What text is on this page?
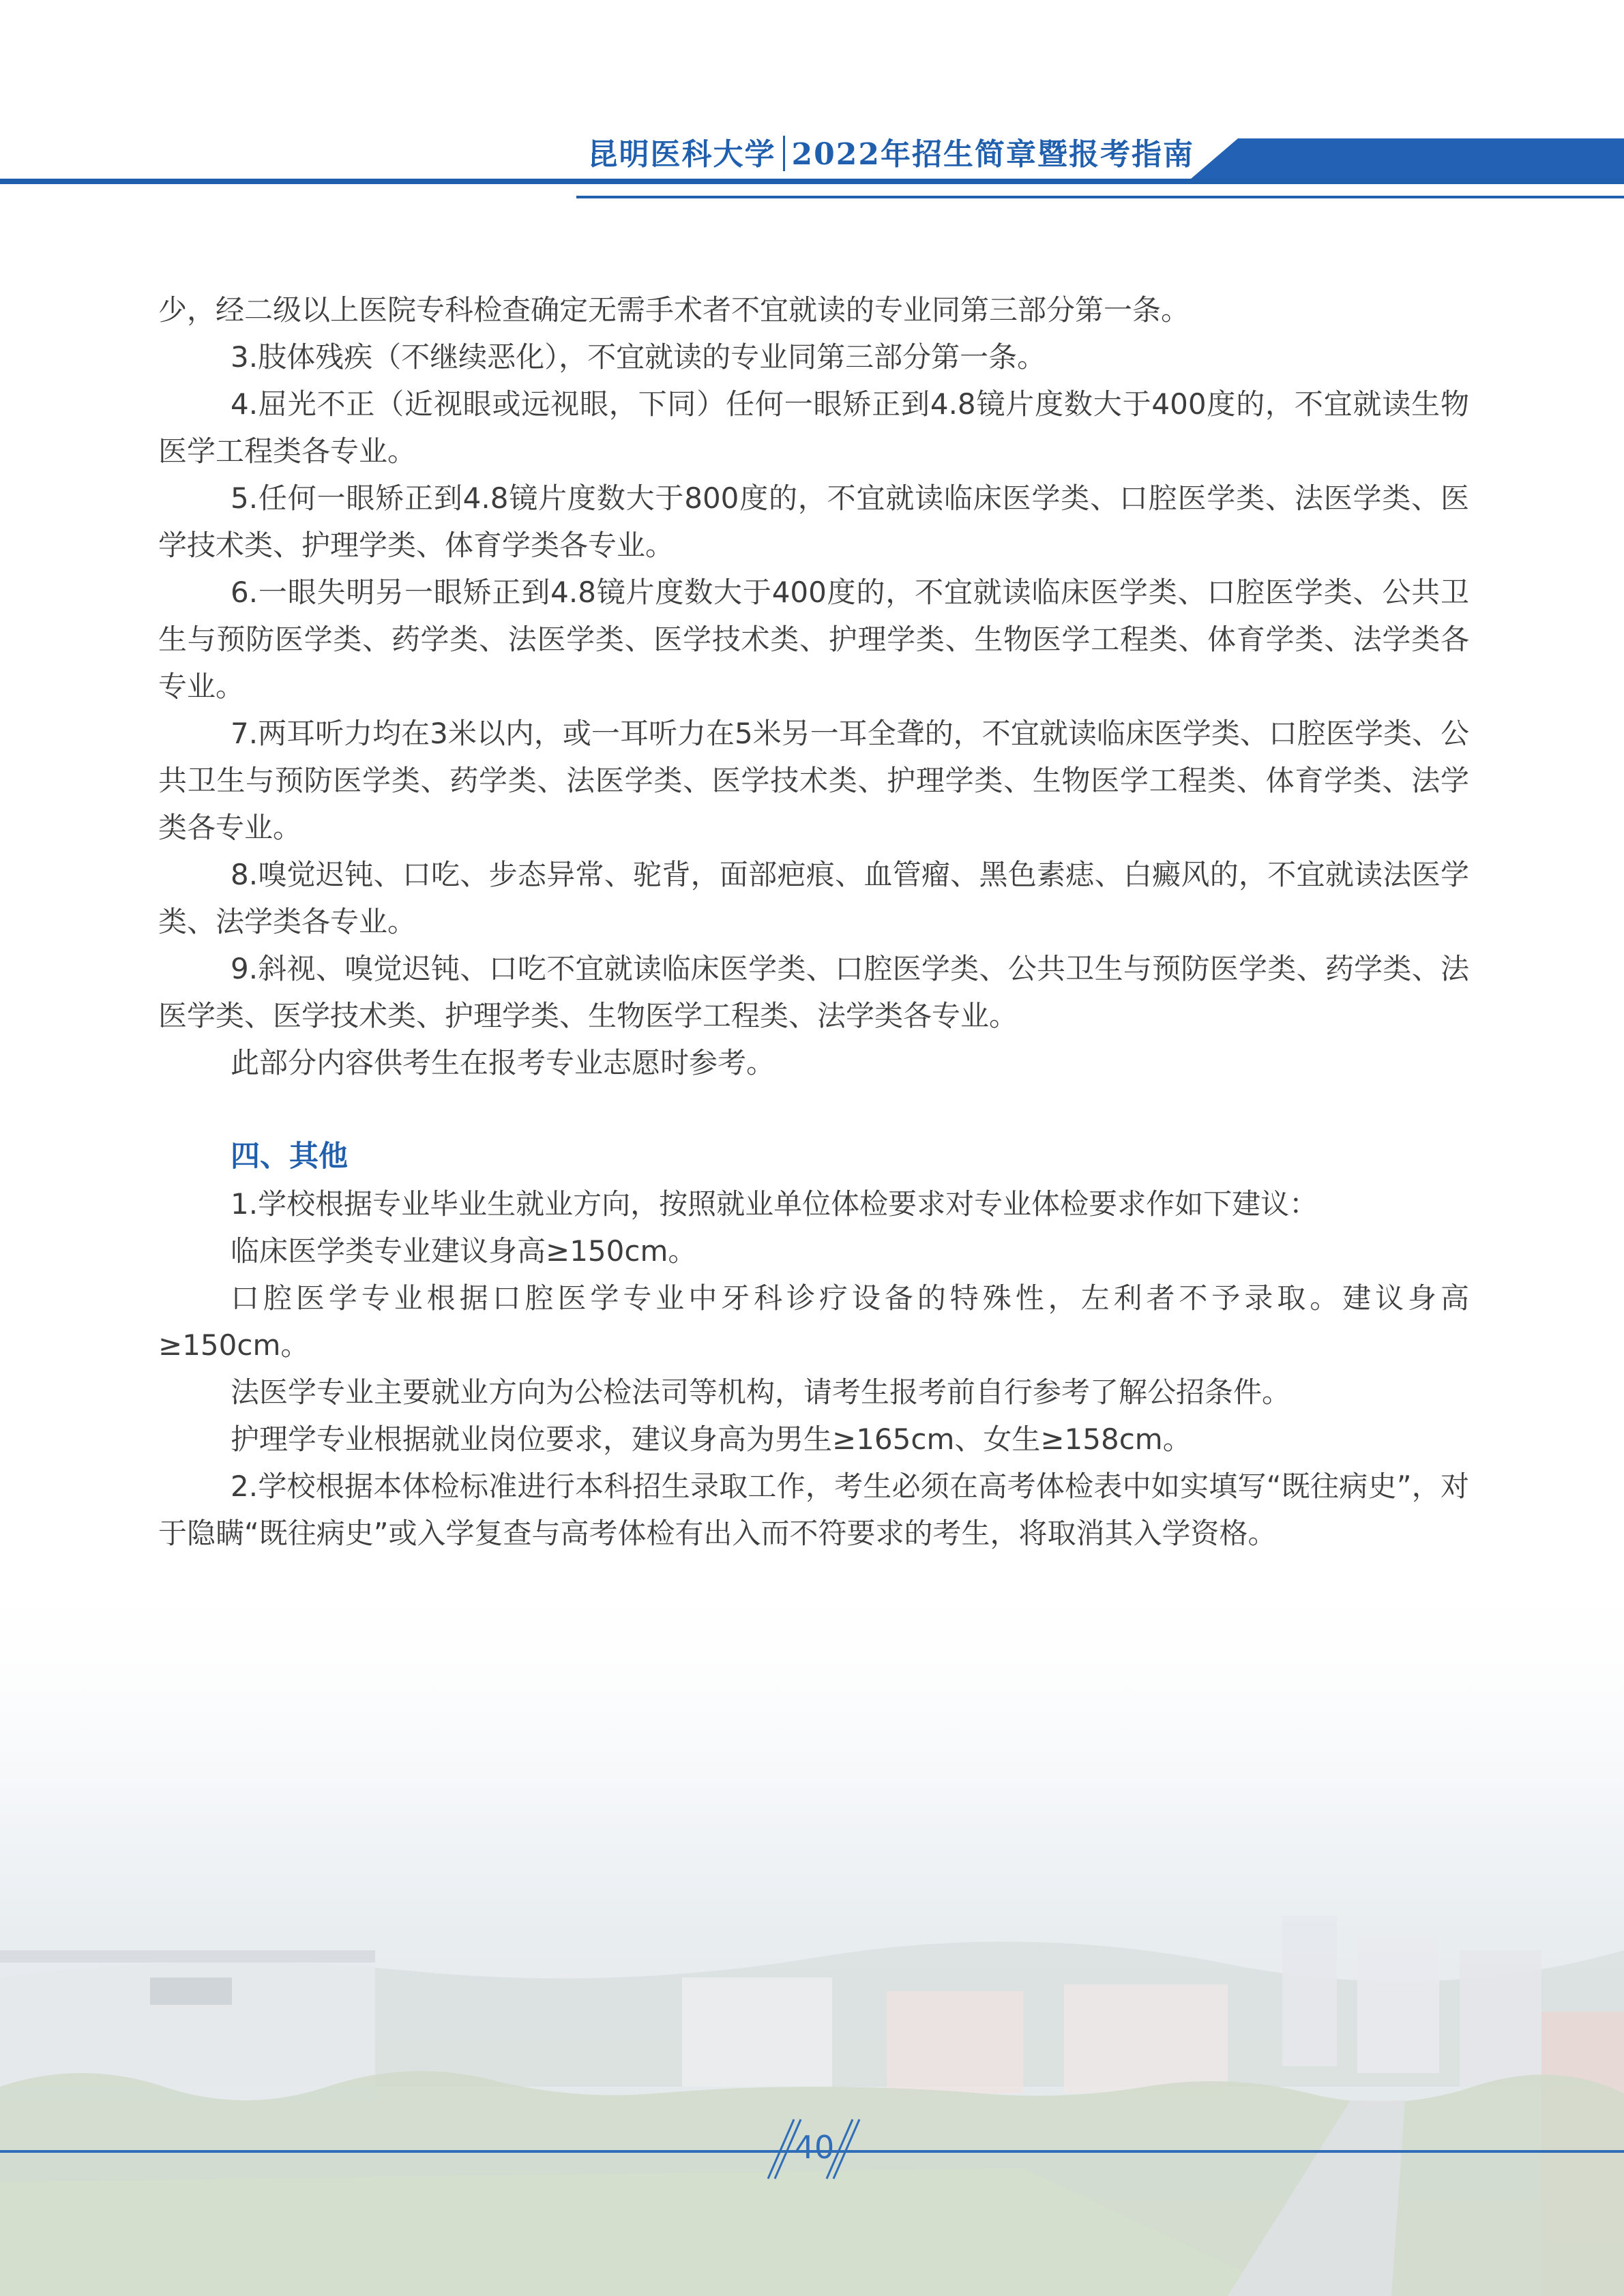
昆明医科大学 2022年招生简章暨报考指南

少，经二级以上医院专科检查确定无需手术者不宜就读的专业同第三部分第一条。

3.肢体残疾（不继续恶化），不宜就读的专业同第三部分第一条。

4.屈光不正（近视眼或远视眼，下同）任何一眼矫正到4.8镜片度数大于400度的，不宜就读生物医学工程类各专业。

5.任何一眼矫正到4.8镜片度数大于800度的，不宜就读临床医学类、口腔医学类、法医学类、医学技术类、护理学类、体育学类各专业。

6.一眼失明另一眼矫正到4.8镜片度数大于400度的，不宜就读临床医学类、口腔医学类、公共卫生与预防医学类、药学类、法医学类、医学技术类、护理学类、生物医学工程类、体育学类、法学类各专业。

7.两耳听力均在3米以内，或一耳听力在5米另一耳全聋的，不宜就读临床医学类、口腔医学类、公共卫生与预防医学类、药学类、法医学类、医学技术类、护理学类、生物医学工程类、体育学类、法学类各专业。

8.嗅觉迟钝、口吃、步态异常、驼背，面部疤痕、血管瘤、黑色素痣、白癜风的，不宜就读法医学类、法学类各专业。

9.斜视、嗅觉迟钝、口吃不宜就读临床医学类、口腔医学类、公共卫生与预防医学类、药学类、法医学类、医学技术类、护理学类、生物医学工程类、法学类各专业。

此部分内容供考生在报考专业志愿时参考。

四、其他

1.学校根据专业毕业生就业方向，按照就业单位体检要求对专业体检要求作如下建议：

临床医学类专业建议身高≥150cm。

口腔医学专业根据口腔医学专业中牙科诊疗设备的特殊性，左利者不予录取。建议身高≥150cm。

法医学专业主要就业方向为公检法司等机构，请考生报考前自行参考了解公招条件。

护理学专业根据就业岗位要求，建议身高为男生≥165cm、女生≥158cm。

2.学校根据本体检标准进行本科招生录取工作，考生必须在高考体检表中如实填写“既往病史”，对于隐瞒“既往病史”或入学复查与高考体检有出入而不符要求的考生，将取消其入学资格。

40
